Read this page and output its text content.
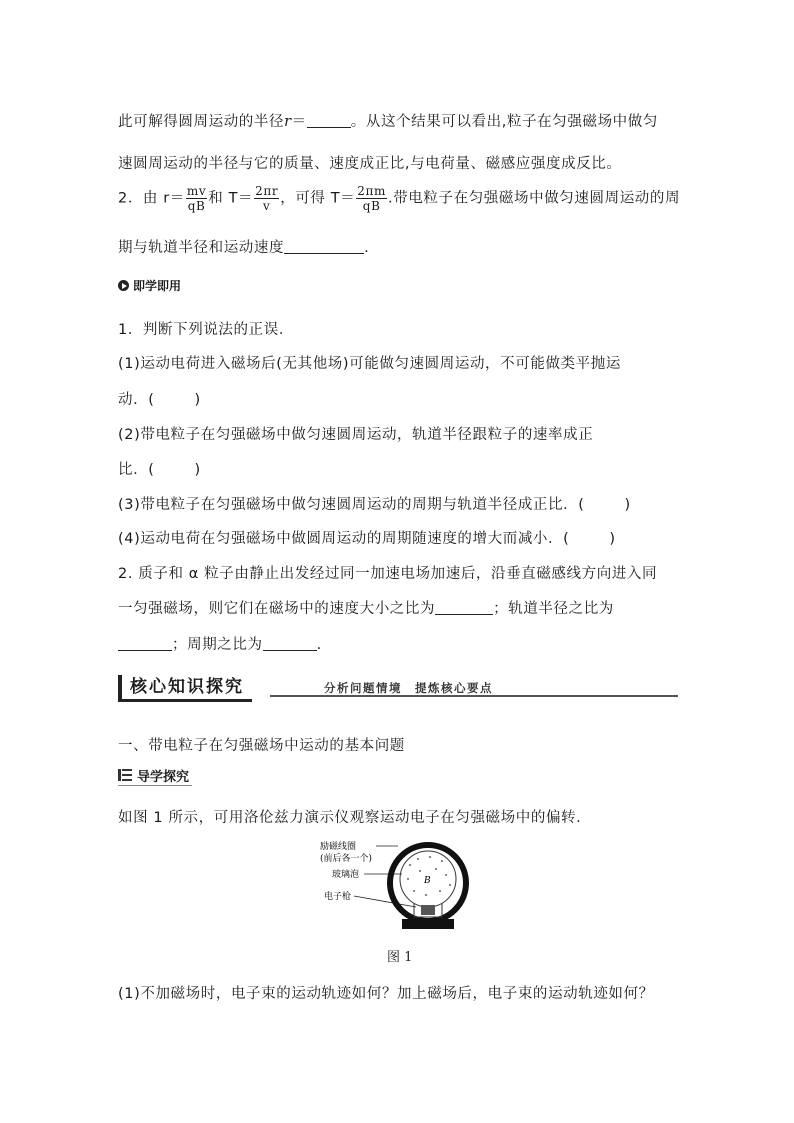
此可解得圆周运动的半径r＝	。从这个结果可以看出,粒子在匀强磁场中做匀
速圆周运动的半径与它的质量、速度成正比,与电荷量、磁感应强度成反比。
2．由 $r= \frac{mv}{qB}$ 和 $T= \frac{2\pi r}{v}$ ，可得 $T= \frac{2\pi m}{qB}$ .带电粒子在匀强磁场中做匀速圆周运动的周
期与轨道半径和运动速度	.
即学即用
1．判断下列说法的正误．
(1)运动电荷进入磁场后(无其他场)可能做匀速圆周运动，不可能做类平抛运
动．(	)
(2)带电粒子在匀强磁场中做匀速圆周运动，轨道半径跟粒子的速率成正
比．(	)
(3)带电粒子在匀强磁场中做匀速圆周运动的周期与轨道半径成正比．(	)
(4)运动电荷在匀强磁场中做圆周运动的周期随速度的增大而减小．(	)
2. 质子和 α 粒子由静止出发经过同一加速电场加速后，沿垂直磁感线方向进入同
一匀强磁场，则它们在磁场中的速度大小之比为	；轨道半径之比为
；周期之比为	.
核心知识探究	分析问题情境　提炼核心要点
一、带电粒子在匀强磁场中运动的基本问题
导学探究
如图 1 所示，可用洛伦兹力演示仪观察运动电子在匀强磁场中的偏转．
励磁线圈
(前后各一个)
玻璃泡
电子枪
B
图 1
(1)不加磁场时，电子束的运动轨迹如何？加上磁场后，电子束的运动轨迹如何？
